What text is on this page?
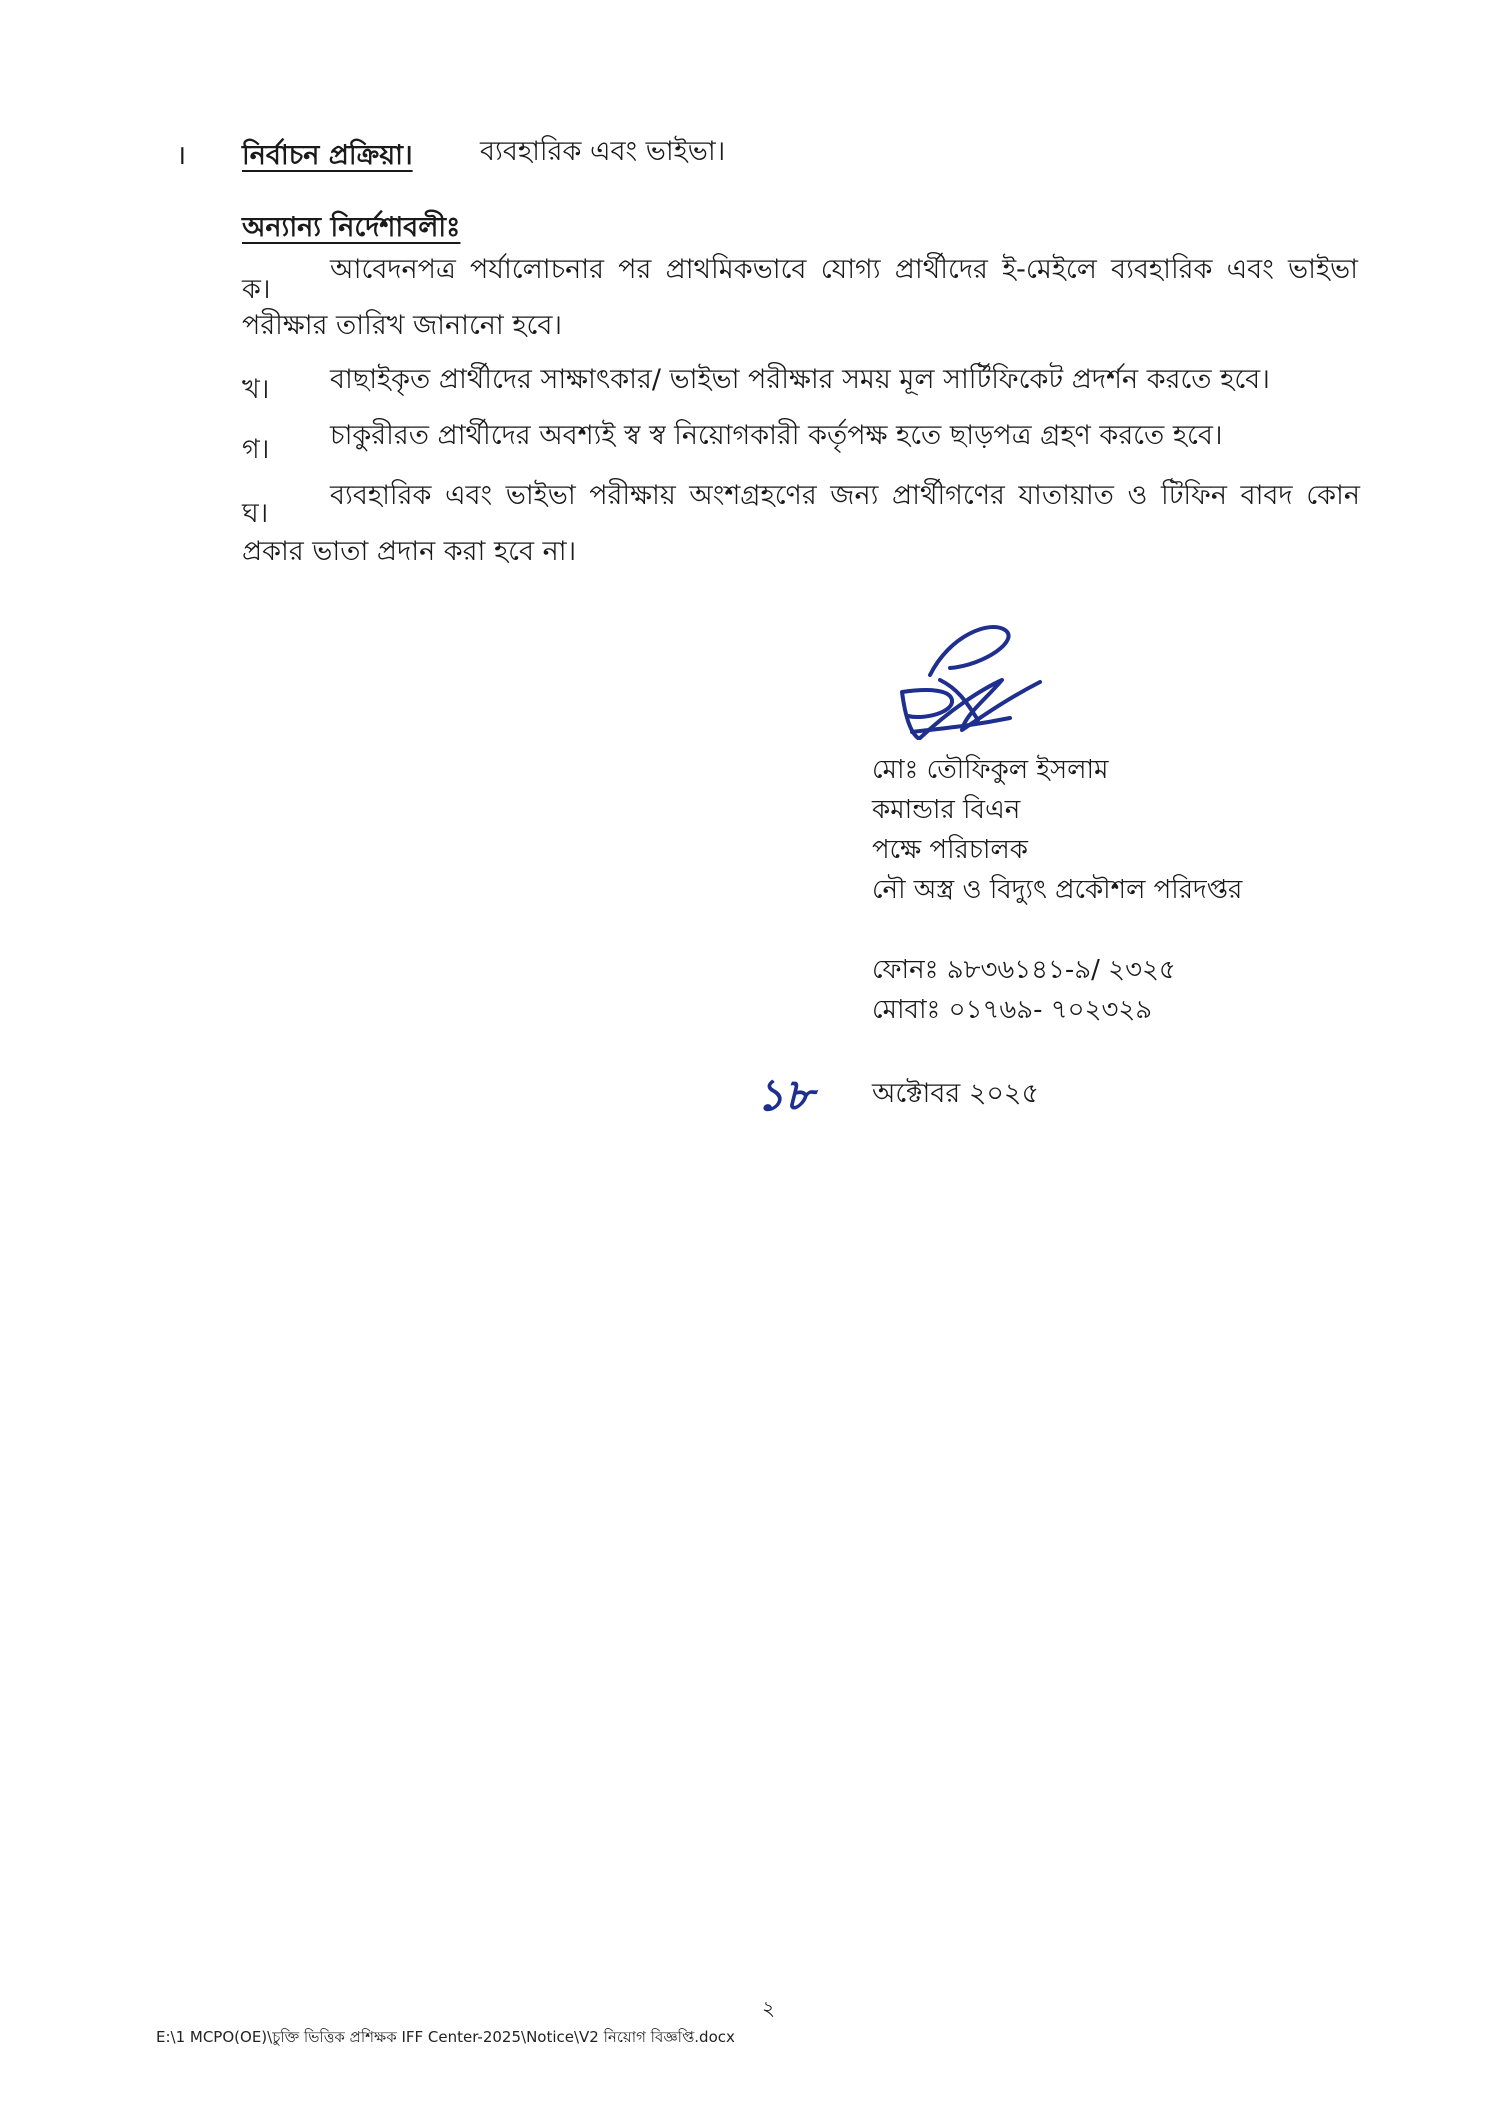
। নির্বাচন প্রক্রিয়া। ব্যবহারিক এবং ভাইভা।
অন্যান্য নির্দেশাবলীঃ
ক।
আবেদনপত্র পর্যালোচনার পর প্রাথমিকভাবে যোগ্য প্রার্থীদের ই-মেইলে ব্যবহারিক এবং ভাইভা
পরীক্ষার তারিখ জানানো হবে।
খ। বাছাইকৃত প্রার্থীদের সাক্ষাৎকার/ ভাইভা পরীক্ষার সময় মূল সার্টিফিকেট প্রদর্শন করতে হবে।
গ। চাকুরীরত প্রার্থীদের অবশ্যই স্ব স্ব নিয়োগকারী কর্তৃপক্ষ হতে ছাড়পত্র গ্রহণ করতে হবে।
ঘ।
ব্যবহারিক এবং ভাইভা পরীক্ষায় অংশগ্রহণের জন্য প্রার্থীগণের যাতায়াত ও টিফিন বাবদ কোন
প্রকার ভাতা প্রদান করা হবে না।
মোঃ তৌফিকুল ইসলাম
কমান্ডার বিএন
পক্ষে পরিচালক
নৌ অস্ত্র ও বিদ্যুৎ প্রকৌশল পরিদপ্তর
ফোনঃ ৯৮৩৬১৪১-৯/ ২৩২৫
মোবাঃ ০১৭৬৯- ৭০২৩২৯
১৮ অক্টোবর ২০২৫
২
E:\1 MCPO(OE)\চুক্তি ভিত্তিক প্রশিক্ষক IFF Center-2025\Notice\V2 নিয়োগ বিজ্ঞপ্তি.docx
